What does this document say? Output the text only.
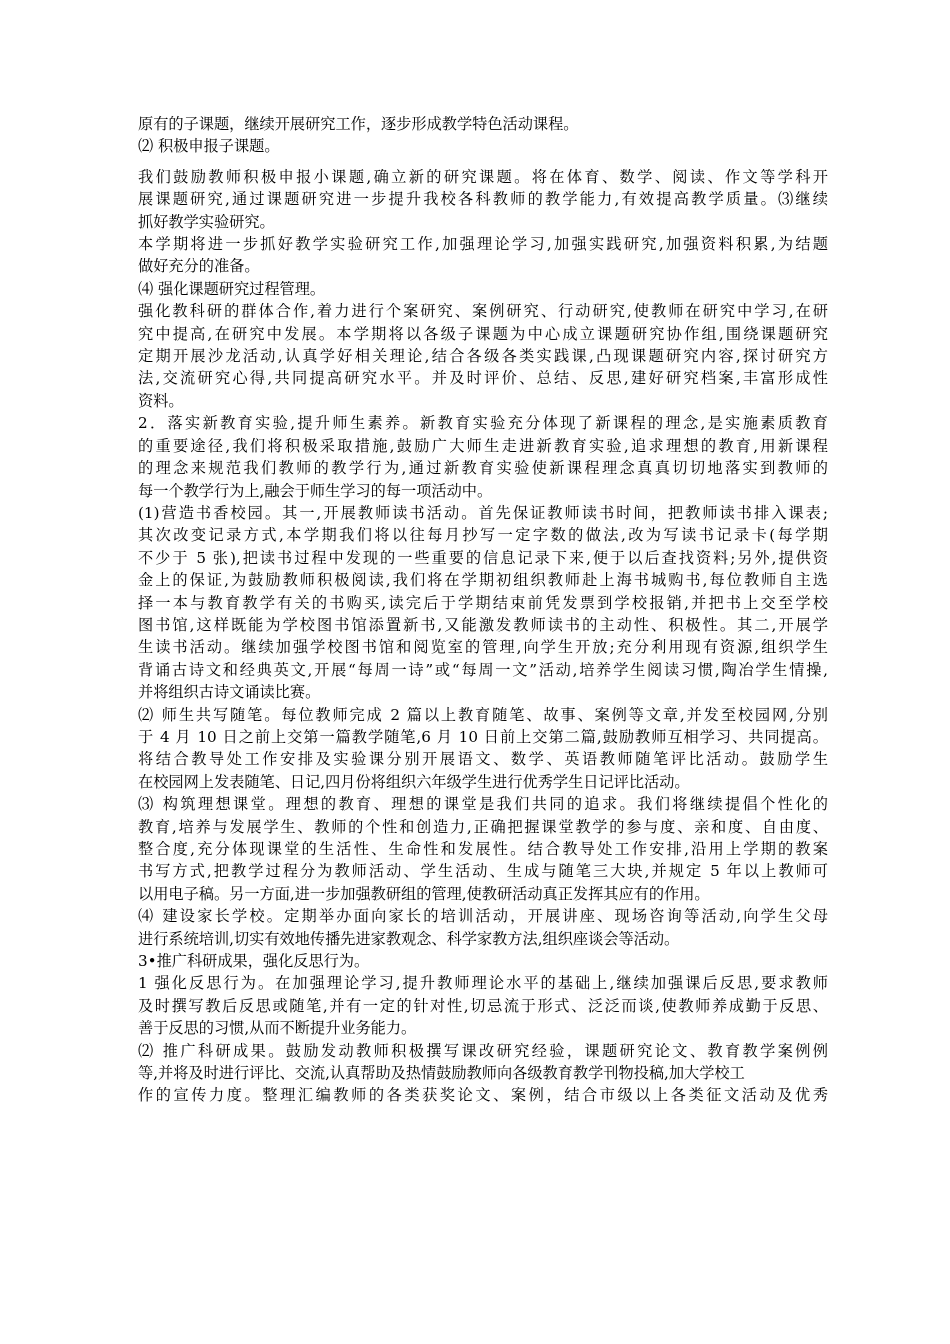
原有的子课题，继续开展研究工作，逐步形成教学特色活动课程。
⑵ 积极申报子课题。
我们鼓励教师积极申报小课题,确立新的研究课题。将在体育、数学、阅读、作文等学科开
展课题研究,通过课题研究进一步提升我校各科教师的教学能力,有效提高教学质量。⑶继续
抓好教学实验研究。
本学期将进一步抓好教学实验研究工作,加强理论学习,加强实践研究,加强资料积累,为结题
做好充分的准备。
⑷ 强化课题研究过程管理。
强化教科研的群体合作,着力进行个案研究、案例研究、行动研究,使教师在研究中学习,在研
究中提高,在研究中发展。本学期将以各级子课题为中心成立课题研究协作组,围绕课题研究
定期开展沙龙活动,认真学好相关理论,结合各级各类实践课,凸现课题研究内容,探讨研究方
法,交流研究心得,共同提高研究水平。并及时评价、总结、反思,建好研究档案,丰富形成性
资料。
2．落实新教育实验,提升师生素养。新教育实验充分体现了新课程的理念,是实施素质教育
的重要途径,我们将积极采取措施,鼓励广大师生走进新教育实验,追求理想的教育,用新课程
的理念来规范我们教师的教学行为,通过新教育实验使新课程理念真真切切地落实到教师的
每一个教学行为上,融会于师生学习的每一项活动中。
(1)营造书香校园。其一,开展教师读书活动。首先保证教师读书时间，把教师读书排入课表;
其次改变记录方式,本学期我们将以往每月抄写一定字数的做法,改为写读书记录卡(每学期
不少于 5 张),把读书过程中发现的一些重要的信息记录下来,便于以后查找资料;另外,提供资
金上的保证,为鼓励教师积极阅读,我们将在学期初组织教师赴上海书城购书,每位教师自主选
择一本与教育教学有关的书购买,读完后于学期结束前凭发票到学校报销,并把书上交至学校
图书馆,这样既能为学校图书馆添置新书,又能激发教师读书的主动性、积极性。其二,开展学
生读书活动。继续加强学校图书馆和阅览室的管理,向学生开放;充分利用现有资源,组织学生
背诵古诗文和经典英文,开展“每周一诗”或“每周一文”活动,培养学生阅读习惯,陶冶学生情操,
并将组织古诗文诵读比赛。
⑵ 师生共写随笔。每位教师完成 2 篇以上教育随笔、故事、案例等文章,并发至校园网,分别
于 4 月 10 日之前上交第一篇教学随笔,6 月 10 日前上交第二篇,鼓励教师互相学习、共同提高。
将结合教导处工作安排及实验课分别开展语文、数学、英语教师随笔评比活动。鼓励学生
在校园网上发表随笔、日记,四月份将组织六年级学生进行优秀学生日记评比活动。
⑶ 构筑理想课堂。理想的教育、理想的课堂是我们共同的追求。我们将继续提倡个性化的
教育,培养与发展学生、教师的个性和创造力,正确把握课堂教学的参与度、亲和度、自由度、
整合度,充分体现课堂的生活性、生命性和发展性。结合教导处工作安排,沿用上学期的教案
书写方式,把教学过程分为教师活动、学生活动、生成与随笔三大块,并规定 5 年以上教师可
以用电子稿。另一方面,进一步加强教研组的管理,使教研活动真正发挥其应有的作用。
⑷ 建设家长学校。定期举办面向家长的培训活动，开展讲座、现场咨询等活动,向学生父母
进行系统培训,切实有效地传播先进家教观念、科学家教方法,组织座谈会等活动。
3•推广科研成果，强化反思行为。
1 强化反思行为。在加强理论学习,提升教师理论水平的基础上,继续加强课后反思,要求教师
及时撰写教后反思或随笔,并有一定的针对性,切忌流于形式、泛泛而谈,使教师养成勤于反思、
善于反思的习惯,从而不断提升业务能力。
⑵ 推广科研成果。鼓励发动教师积极撰写课改研究经验，课题研究论文、教育教学案例例
等,并将及时进行评比、交流,认真帮助及热情鼓励教师向各级教育教学刊物投稿,加大学校工
作的宣传力度。整理汇编教师的各类获奖论文、案例，结合市级以上各类征文活动及优秀
